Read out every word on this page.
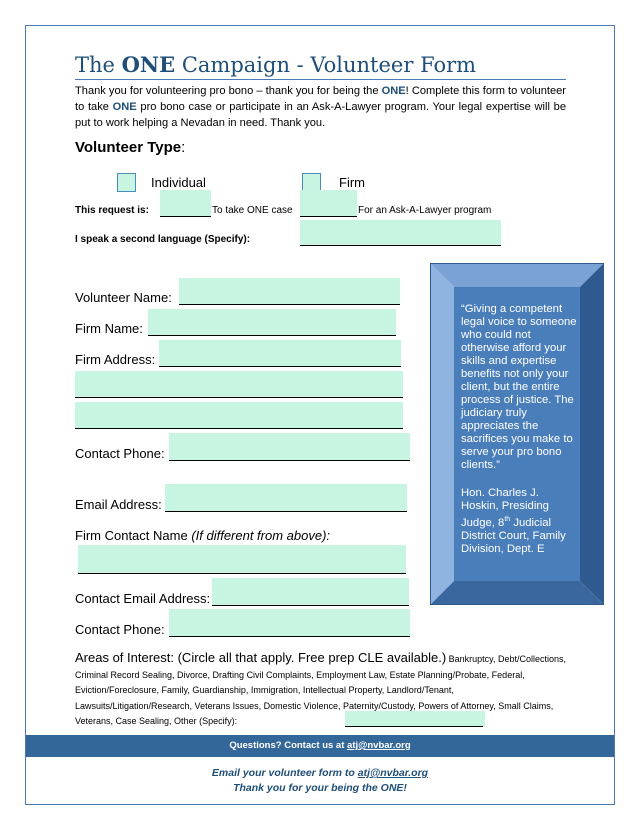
The ONE Campaign - Volunteer Form
Thank you for volunteering pro bono – thank you for being the ONE! Complete this form to volunteer to take ONE pro bono case or participate in an Ask-A-Lawyer program. Your legal expertise will be put to work helping a Nevadan in need. Thank you.
Volunteer Type:
Individual	Firm
This request is:	To take ONE case	For an Ask-A-Lawyer program
I speak a second language (Specify):
Volunteer Name:
Firm Name:
Firm Address:
Contact Phone:
Email Address:
Firm Contact Name (If different from above):
Contact Email Address:
Contact Phone:

“Giving a competent legal voice to someone who could not otherwise afford your skills and expertise benefits not only your client, but the entire process of justice. The judiciary truly appreciates the sacrifices you make to serve your pro bono clients.”

Hon. Charles J. Hoskin, Presiding Judge, 8th Judicial District Court, Family Division, Dept. E

Areas of Interest: (Circle all that apply. Free prep CLE available.) Bankruptcy, Debt/Collections, Criminal Record Sealing, Divorce, Drafting Civil Complaints, Employment Law, Estate Planning/Probate, Federal, Eviction/Foreclosure, Family, Guardianship, Immigration, Intellectual Property, Landlord/Tenant, Lawsuits/Litigation/Research, Veterans Issues, Domestic Violence, Paternity/Custody, Powers of Attorney, Small Claims, Veterans, Case Sealing, Other (Specify):
Questions? Contact us at atj@nvbar.org
Email your volunteer form to atj@nvbar.org
Thank you for your being the ONE!
